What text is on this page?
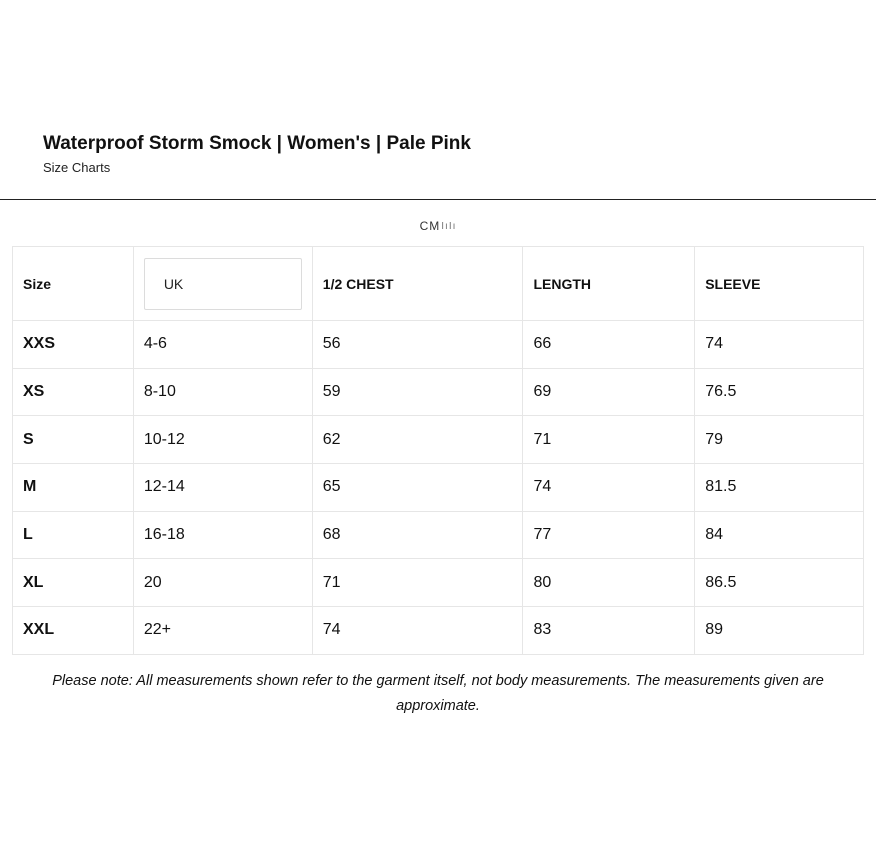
Waterproof Storm Smock | Women's | Pale Pink
Size Charts
CMIıIı
Size	UK	1/2 CHEST	LENGTH	SLEEVE
XXS	4-6	56	66	74
XS	8-10	59	69	76.5
S	10-12	62	71	79
M	12-14	65	74	81.5
L	16-18	68	77	84
XL	20	71	80	86.5
XXL	22+	74	83	89

Please note: All measurements shown refer to the garment itself, not body measurements. The measurements given are approximate.
